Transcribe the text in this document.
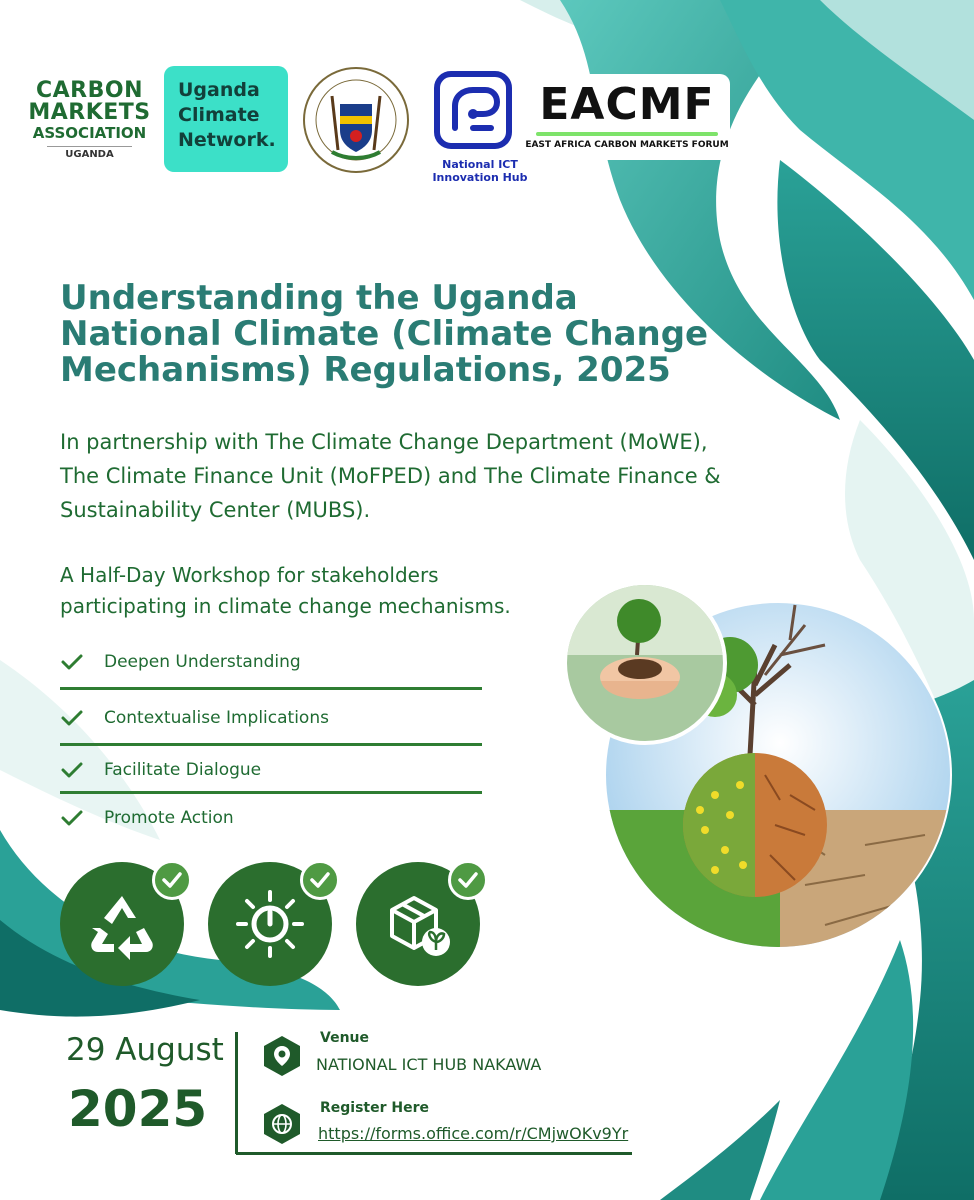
CARBON
MARKETS
ASSOCIATION
UGANDA
Uganda
Climate
Network.
National ICT
Innovation Hub
EACMF
EAST AFRICA CARBON MARKETS FORUM
Understanding the Uganda
National Climate (Climate Change
Mechanisms) Regulations, 2025
In partnership with The Climate Change Department (MoWE),
The Climate Finance Unit (MoFPED) and The Climate Finance &
Sustainability Center (MUBS).
A Half-Day Workshop for stakeholders
participating in climate change mechanisms.
Deepen Understanding
Contextualise Implications
Facilitate Dialogue
Promote Action
29 August
2025
Venue
NATIONAL ICT HUB NAKAWA
Register Here
https://forms.office.com/r/CMjwOKv9Yr
